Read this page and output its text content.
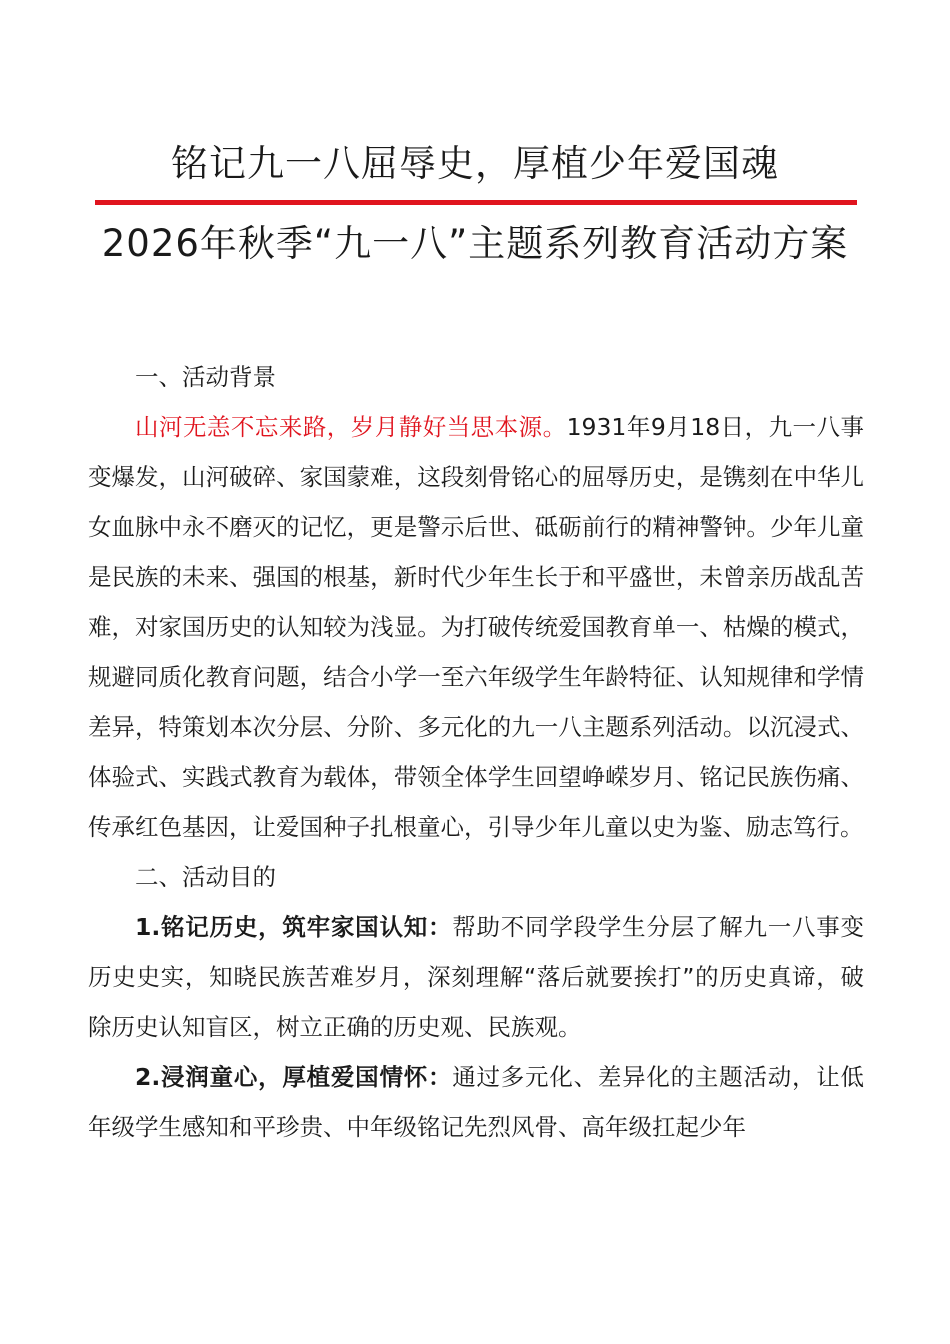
铭记九一八屈辱史，厚植少年爱国魂
2026年秋季“九一八”主题系列教育活动方案

一、活动背景

山河无恙不忘来路，岁月静好当思本源。1931年9月18日，九一八事变爆发，山河破碎、家国蒙难，这段刻骨铭心的屈辱历史，是镌刻在中华儿女血脉中永不磨灭的记忆，更是警示后世、砥砺前行的精神警钟。少年儿童是民族的未来、强国的根基，新时代少年生长于和平盛世，未曾亲历战乱苦难，对家国历史的认知较为浅显。为打破传统爱国教育单一、枯燥的模式，规避同质化教育问题，结合小学一至六年级学生年龄特征、认知规律和学情差异，特策划本次分层、分阶、多元化的九一八主题系列活动。以沉浸式、体验式、实践式教育为载体，带领全体学生回望峥嵘岁月、铭记民族伤痛、传承红色基因，让爱国种子扎根童心，引导少年儿童以史为鉴、励志笃行。

二、活动目的

1.铭记历史，筑牢家国认知：帮助不同学段学生分层了解九一八事变历史史实，知晓民族苦难岁月，深刻理解“落后就要挨打”的历史真谛，破除历史认知盲区，树立正确的历史观、民族观。

2.浸润童心，厚植爱国情怀：通过多元化、差异化的主题活动，让低年级学生感知和平珍贵、中年级铭记先烈风骨、高年级扛起少年
